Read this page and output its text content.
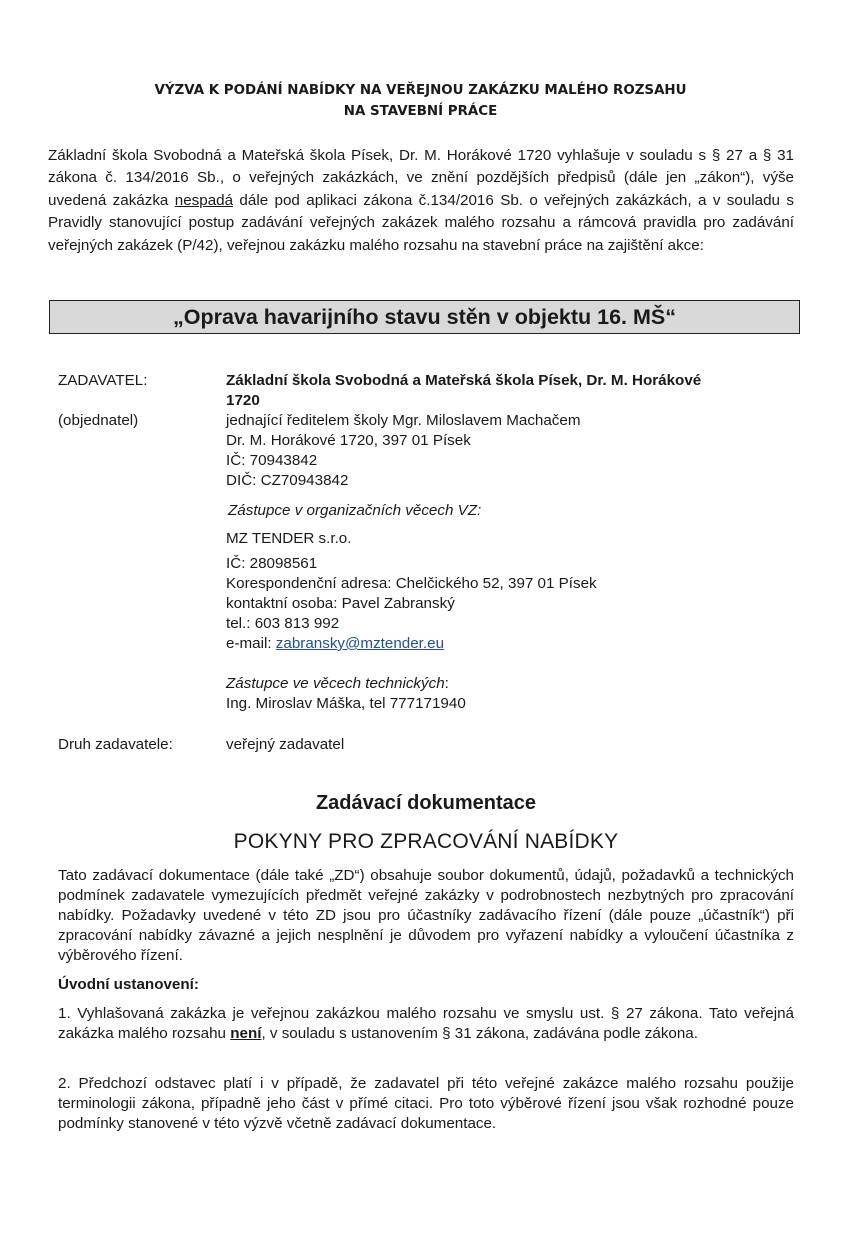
VÝZVA K PODÁNÍ NABÍDKY NA VEŘEJNOU ZAKÁZKU MALÉHO ROZSAHU

NA STAVEBNÍ PRÁCE

Základní škola Svobodná a Mateřská škola Písek, Dr. M. Horákové 1720 vyhlašuje v souladu s § 27 a § 31 zákona č. 134/2016 Sb., o veřejných zakázkách, ve znění pozdějších předpisů (dále jen „zákon“), výše uvedená zakázka nespadá dále pod aplikaci zákona č.134/2016 Sb. o veřejných zakázkách, a v souladu s Pravidly stanovující postup zadávání veřejných zakázek malého rozsahu a rámcová pravidla pro zadávání veřejných zakázek (P/42), veřejnou zakázku malého rozsahu na stavební práce na zajištění akce:

„Oprava havarijního stavu stěn v objektu 16. MŠ“
ZADAVATEL:
(objednatel)
Základní škola Svobodná a Mateřská škola Písek, Dr. M. Horákové
1720
jednající ředitelem školy Mgr. Miloslavem Machačem
Dr. M. Horákové 1720, 397 01 Písek
IČ: 70943842
DIČ: CZ70943842
Zástupce v organizačních věcech VZ:
MZ TENDER s.r.o.
IČ: 28098561
Korespondenční adresa: Chelčického 52, 397 01 Písek
kontaktní osoba: Pavel Zabranský
tel.: 603 813 992
e-mail: zabransky@mztender.eu
Zástupce ve věcech technických:
Ing. Miroslav Máška, tel 777171940
Druh zadavatele:	veřejný zadavatel

Zadávací dokumentace

POKYNY PRO ZPRACOVÁNÍ NABÍDKY

Tato zadávací dokumentace (dále také „ZD“) obsahuje soubor dokumentů, údajů, požadavků a technických podmínek zadavatele vymezujících předmět veřejné zakázky v podrobnostech nezbytných pro zpracování nabídky. Požadavky uvedené v této ZD jsou pro účastníky zadávacího řízení (dále pouze „účastník“) při zpracování nabídky závazné a jejich nesplnění je důvodem pro vyřazení nabídky a vyloučení účastníka z výběrového řízení.

Úvodní ustanovení:

1. Vyhlašovaná zakázka je veřejnou zakázkou malého rozsahu ve smyslu ust. § 27 zákona. Tato veřejná zakázka malého rozsahu není, v souladu s ustanovením § 31 zákona, zadávána podle zákona.

2. Předchozí odstavec platí i v případě, že zadavatel při této veřejné zakázce malého rozsahu použije terminologii zákona, případně jeho část v přímé citaci. Pro toto výběrové řízení jsou však rozhodné pouze podmínky stanovené v této výzvě včetně zadávací dokumentace.
